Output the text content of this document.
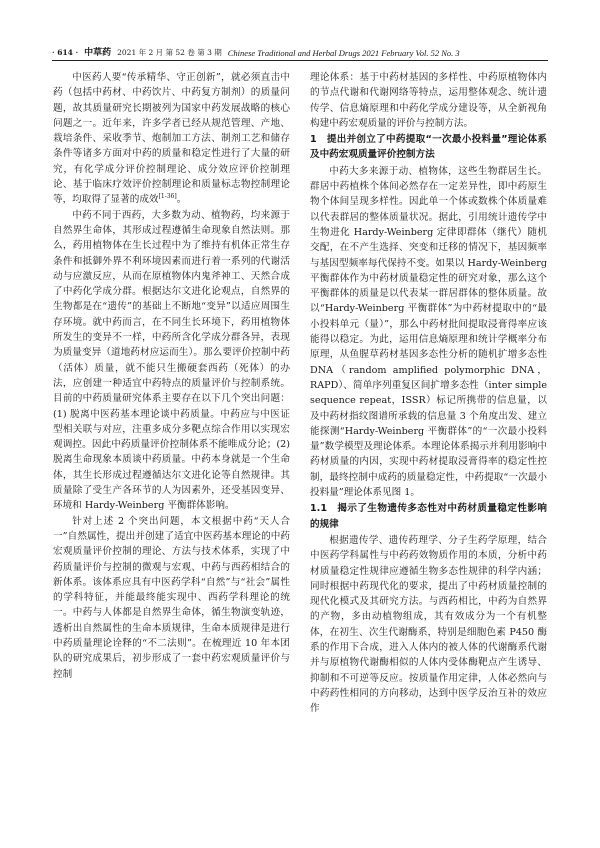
· 614 · 中草药 2021 年 2 月 第 52 卷 第 3 期 Chinese Traditional and Herbal Drugs 2021 February Vol. 52 No. 3

中医药人要“传承精华、守正创新”，就必须直击中药（包括中药材、中药饮片、中药复方制剂）的质量问题，故其质量研究长期被列为国家中药发展战略的核心问题之一。近年来，许多学者已经从规范管理、产地、栽培条件、采收季节、炮制加工方法、制剂工艺和储存条件等诸多方面对中药的质量和稳定性进行了大量的研究，有化学成分评价控制理论、成分效应评价控制理论、基于临床疗效评价控制理论和质量标志物控制理论等，均取得了显著的成效[1-36]。

中药不同于西药，大多数为动、植物药，均来源于自然界生命体，其形成过程遵循生命现象自然法则。那么，药用植物体在生长过程中为了维持有机体正常生存条件和抵御外界不利环境因素而进行着一系列的代谢活动与应激反应，从而在原植物体内鬼斧神工、天然合成了中药化学成分群。根据达尔文进化论观点，自然界的生物都是在“遗传”的基础上不断地“变异”以适应周围生存环境。就中药而言，在不同生长环境下，药用植物体所发生的变异不一样，中药所含化学成分群各异，表现为质量变异（道地药材应运而生）。那么要评价控制中药（活体）质量，就不能只生搬硬套西药（死体）的办法，应创建一种适宜中药特点的质量评价与控制系统。目前的中药质量研究体系主要存在以下几个突出问题：(1) 脱离中医药基本理论谈中药质量。中药应与中医证型相关联与对应，注重多成分多靶点综合作用以实现宏观调控。因此中药质量评价控制体系不能唯成分论；(2) 脱离生命现象本质谈中药质量。中药本身就是一个生命体，其生长形成过程遵循达尔文进化论等自然规律。其质量除了受生产各环节的人为因素外，还受基因变异、环境和 Hardy-Weinberg 平衡群体影响。

针对上述 2 个突出问题，本文根据中药“天人合一”自然属性，提出并创建了适宜中医药基本理论的中药宏观质量评价控制的理论、方法与技术体系，实现了中药质量评价与控制的微观与宏观、中药与西药相结合的新体系。该体系应具有中医药学科“自然”与“社会”属性的学科特征，并能最终能实现中、西药学科理论的统一。中药与人体都是自然界生命体，循生物演变轨迹，透析出自然属性的生命本质规律，生命本质规律是进行中药质量理论诠释的“不二法则”。在梳理近 10 年本团队的研究成果后，初步形成了一套中药宏观质量评价与控制

理论体系：基于中药材基因的多样性、中药原植物体内的节点代谢和代谢网络等特点，运用整体观念、统计遗传学、信息熵原理和中药化学成分建设等，从全新视角构建中药宏观质量的评价与控制方法。

1　提出并创立了中药提取“一次最小投料量”理论体系及中药宏观质量评价控制方法

中药大多来源于动、植物体，这些生物群居生长。群居中药植株个体间必然存在一定差异性，即中药原生物个体间呈现多样性。因此单一个体或数株个体质量难以代表群居的整体质量状况。据此，引用统计遗传学中生物进化 Hardy-Weinberg 定律即群体（继代）随机交配，在不产生选择、突变和迁移的情况下，基因频率与基因型频率每代保持不变。如果以 Hardy-Weinberg 平衡群体作为中药材质量稳定性的研究对象，那么这个平衡群体的质量是以代表某一群居群体的整体质量。故以“Hardy-Weinberg 平衡群体”为中药材提取中的“最小投料单元（量）”，那么中药材批间提取浸膏得率应该能得以稳定。为此，运用信息熵原理和统计学概率分布原理，从鱼腥草药材基因多态性分析的随机扩增多态性 DNA（random amplified polymorphic DNA，RAPD）、简单序列重复区间扩增多态性（inter simple sequence repeat，ISSR）标记所携带的信息量，以及中药材指纹图谱所承载的信息量 3 个角度出发、建立能探测“Hardy-Weinberg 平衡群体”的“一次最小投料量”数学模型及理论体系。本理论体系揭示并利用影响中药材质量的内因，实现中药材提取浸膏得率的稳定性控制，最终控制中成药的质量稳定性，中药提取“一次最小投料量”理论体系见图 1。

1.1　揭示了生物遗传多态性对中药材质量稳定性影响的规律

根据遗传学、遗传药理学、分子生药学原理，结合中医药学科属性与中药药效物质作用的本质，分析中药材质量稳定性规律应遵循生物多态性规律的科学内涵；同时根据中药现代化的要求，提出了中药材质量控制的现代化模式及其研究方法。与西药相比，中药为自然界的产物，多由动植物组成，其有效成分为一个有机整体，在初生、次生代谢酶系，特别是细胞色素 P450 酶系的作用下合成，进入人体内的被人体的代谢酶系代谢并与原植物代谢酶相似的人体内受体酶靶点产生诱导、抑制和不可逆等反应。按质量作用定律，人体必然向与中药药性相同的方向移动，达到中医学反治互补的效应作
